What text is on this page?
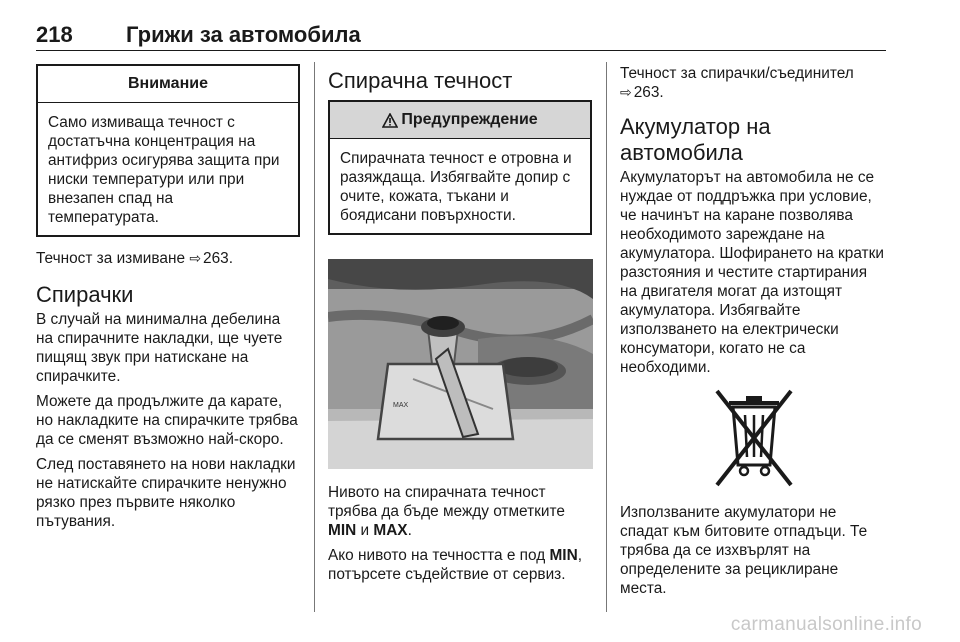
218 Грижи за автомобила
Внимание

Само измиваща течност с достатъчна концентрация на антифриз осигурява защита при ниски температури или при внезапен спад на температурата.

Течност за измиване ⇨ 263.

Спирачки

В случай на минимална дебелина на спирачните накладки, ще чуете пищящ звук при натискане на спирачките.

Можете да продължите да карате, но накладките на спирачките трябва да се сменят възможно най-скоро.

След поставянето на нови накладки не натискайте спирачките ненужно рязко през първите няколко пътувания.

Спирачна течност
Предупреждение

Спирачната течност е отровна и разяждаща. Избягвайте допир с очите, кожата, тъкани и боядисани повърхности.

MAX

Нивото на спирачната течност трябва да бъде между отметките MIN и MAX.

Ако нивото на течността е под MIN, потърсете съдействие от сервиз.

Течност за спирачки/съединител
⇨ 263.

Акумулатор на автомобила

Акумулаторът на автомобила не се нуждае от поддръжка при условие, че начинът на каране позволява необходимото зареждане на акумулатора. Шофирането на кратки разстояния и честите стартирания на двигателя могат да изтощят акумулатора. Избягвайте използването на електрически консуматори, когато не са необходими.

Използваните акумулатори не спадат към битовите отпадъци. Те трябва да се изхвърлят на определените за рециклиране места.

carmanualsonline.info
